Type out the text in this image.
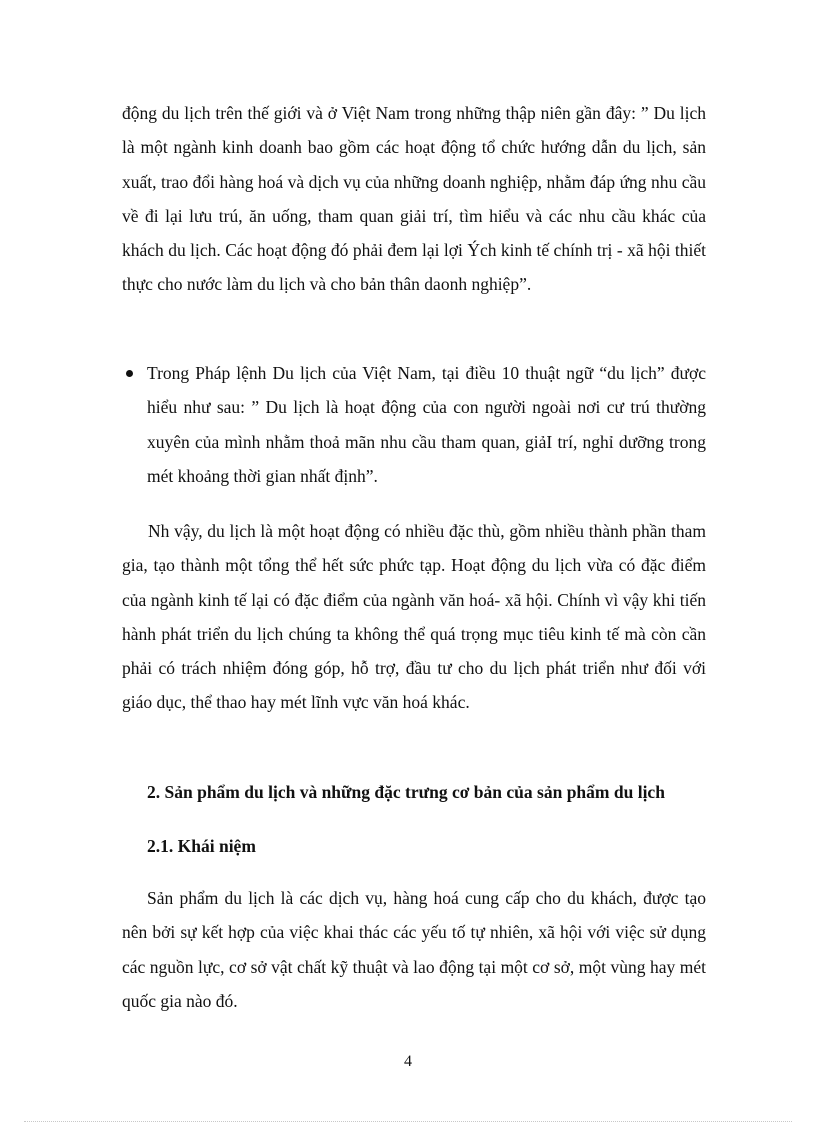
động du lịch trên thế giới và ở Việt Nam trong những thập niên gần đây: ” Du lịch là một ngành kinh doanh bao gồm các hoạt động tổ chức hướng dẫn du lịch, sản xuất, trao đổi hàng hoá và dịch vụ của những doanh nghiệp, nhằm đáp ứng nhu cầu về đi lại lưu trú, ăn uống, tham quan giải trí, tìm hiểu và các nhu cầu khác của khách du lịch. Các hoạt động đó phải đem lại lợi Ých kinh tế chính trị - xã hội thiết thực cho nước làm du lịch và cho bản thân daonh nghiệp”.

Trong Pháp lệnh Du lịch của Việt Nam, tại điều 10 thuật ngữ “du lịch” được hiểu như sau: ” Du lịch là hoạt động của con người ngoài nơi cư trú thường xuyên của mình nhằm thoả mãn nhu cầu tham quan, giảI trí, nghỉ dưỡng trong mét khoảng thời gian nhất định”.

Nh vậy, du lịch là một hoạt động có nhiều đặc thù, gồm nhiều thành phần tham gia, tạo thành một tổng thể hết sức phức tạp. Hoạt động du lịch vừa có đặc điểm của ngành kinh tế lại có đặc điểm của ngành văn hoá- xã hội. Chính vì vậy khi tiến hành phát triển du lịch chúng ta không thể quá trọng mục tiêu kinh tế mà còn cần phải có trách nhiệm đóng góp, hỗ trợ, đầu tư cho du lịch phát triển như đối với giáo dục, thể thao hay mét lĩnh vực văn hoá khác.

2. Sản phẩm du lịch và những đặc trưng cơ bản của sản phẩm du lịch
2.1. Khái niệm

Sản phẩm du lịch là các dịch vụ, hàng hoá cung cấp cho du khách, được tạo nên bởi sự kết hợp của việc khai thác các yếu tố tự nhiên, xã hội với việc sử dụng các nguồn lực, cơ sở vật chất kỹ thuật và lao động tại một cơ sở, một vùng hay mét quốc gia nào đó.

4
